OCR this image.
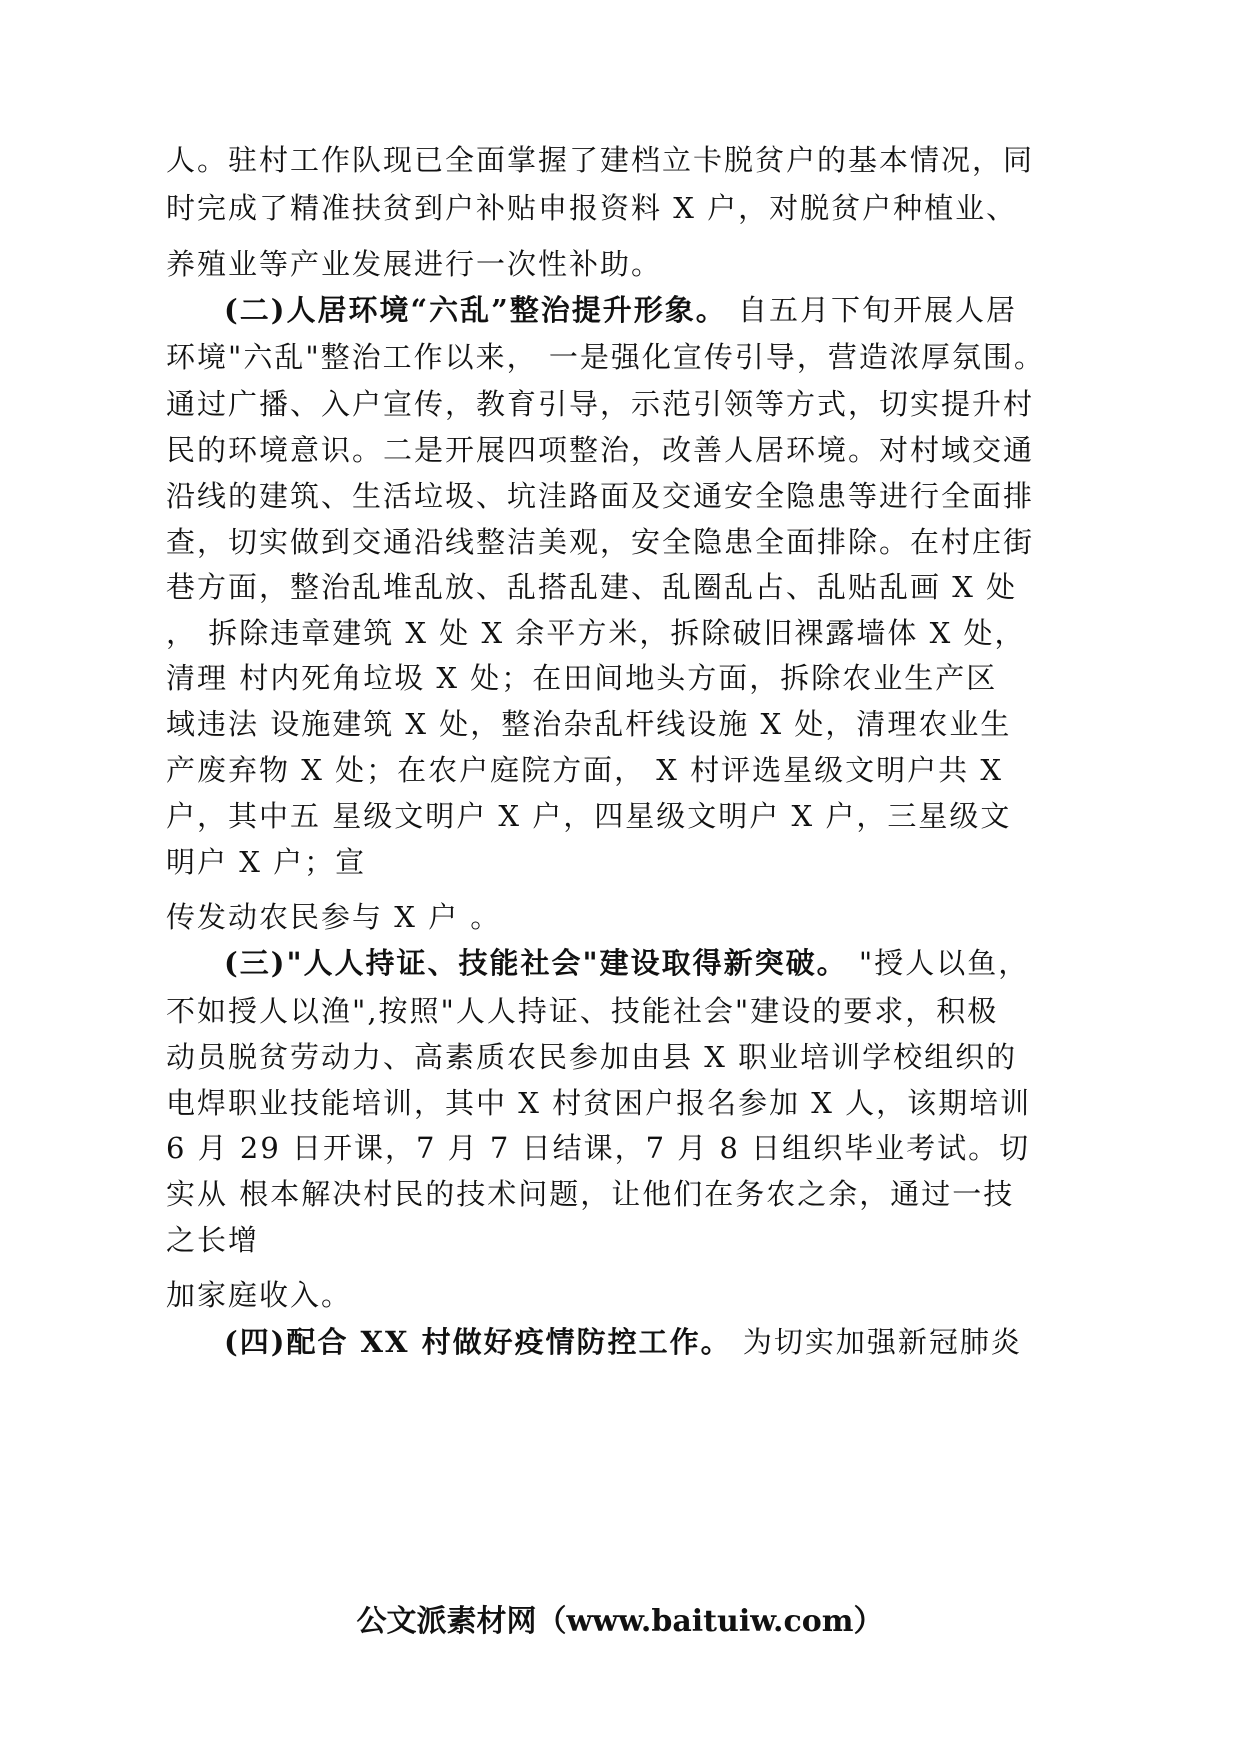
人。驻村工作队现已全面掌握了建档立卡脱贫户的基本情况，同
时完成了精准扶贫到户补贴申报资料 X 户，对脱贫户种植业、
养殖业等产业发展进行一次性补助。
(二)人居环境“六乱”整治提升形象。 自五月下旬开展人居
环境"六乱"整治工作以来， 一是强化宣传引导，营造浓厚氛围。
通过广播、入户宣传，教育引导，示范引领等方式，切实提升村
民的环境意识。二是开展四项整治，改善人居环境。对村域交通
沿线的建筑、生活垃圾、坑洼路面及交通安全隐患等进行全面排
查，切实做到交通沿线整洁美观，安全隐患全面排除。在村庄街
巷方面，整治乱堆乱放、乱搭乱建、乱圈乱占、乱贴乱画 X 处
， 拆除违章建筑 X 处 X 余平方米，拆除破旧裸露墙体 X 处，
清理 村内死角垃圾 X 处；在田间地头方面，拆除农业生产区
域违法 设施建筑 X 处，整治杂乱杆线设施 X 处，清理农业生
产废弃物 X 处；在农户庭院方面， X 村评选星级文明户共 X
户，其中五 星级文明户 X 户，四星级文明户 X 户，三星级文
明户 X 户；宣
传发动农民参与 X 户 。
(三)"人人持证、技能社会"建设取得新突破。 "授人以鱼，
不如授人以渔",按照"人人持证、技能社会"建设的要求，积极
动员脱贫劳动力、高素质农民参加由县 X 职业培训学校组织的
电焊职业技能培训，其中 X 村贫困户报名参加 X 人，该期培训
6 月 29 日开课，7 月 7 日结课，7 月 8 日组织毕业考试。切
实从 根本解决村民的技术问题，让他们在务农之余，通过一技
之长增
加家庭收入。
(四)配合 XX 村做好疫情防控工作。 为切实加强新冠肺炎
公文派素材网（www.baituiw.com）
